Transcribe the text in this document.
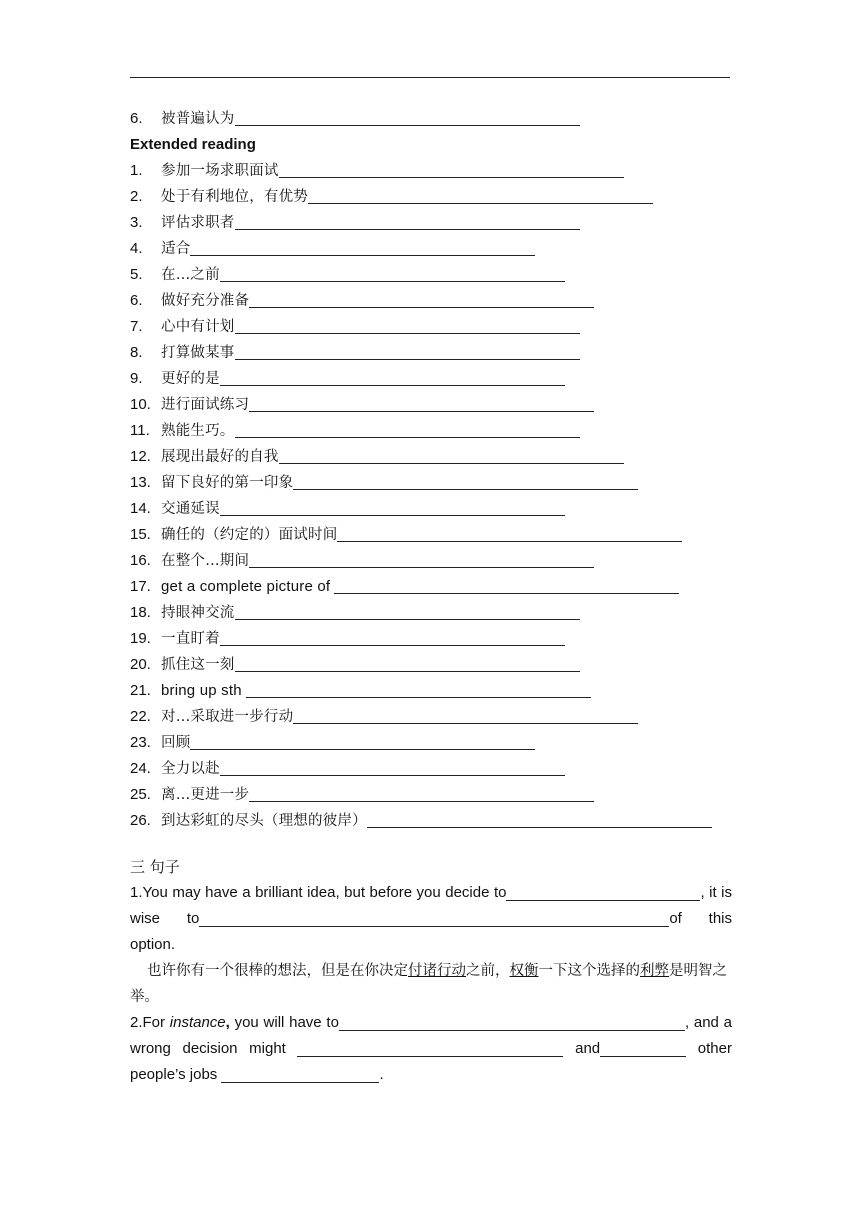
6.	被普遍认为
Extended reading
1.	参加一场求职面试
2.	处于有利地位，有优势
3.	评估求职者
4.	适合
5.	在…之前
6.	做好充分准备
7.	心中有计划
8.	打算做某事
9.	更好的是
10. 进行面试练习
11. 熟能生巧。
12. 展现出最好的自我
13. 留下良好的第一印象
14. 交通延误
15. 确任的（约定的）面试时间
16. 在整个…期间
17. get a complete picture of
18. 持眼神交流
19. 一直盯着
20. 抓住这一刻
21. bring up sth
22. 对…采取进一步行动
23. 回顾
24. 全力以赴
25. 离…更进一步
26. 到达彩虹的尽头（理想的彼岸）
三 句子
1.You may have a brilliant idea, but before you decide to	, it is wise to	of this option.
也许你有一个很棒的想法，但是在你决定付诸行动之前，权衡一下这个选择的利弊是明智之举。
2.For instance, you will have to	, and a wrong decision might	and	other people’s jobs	.
